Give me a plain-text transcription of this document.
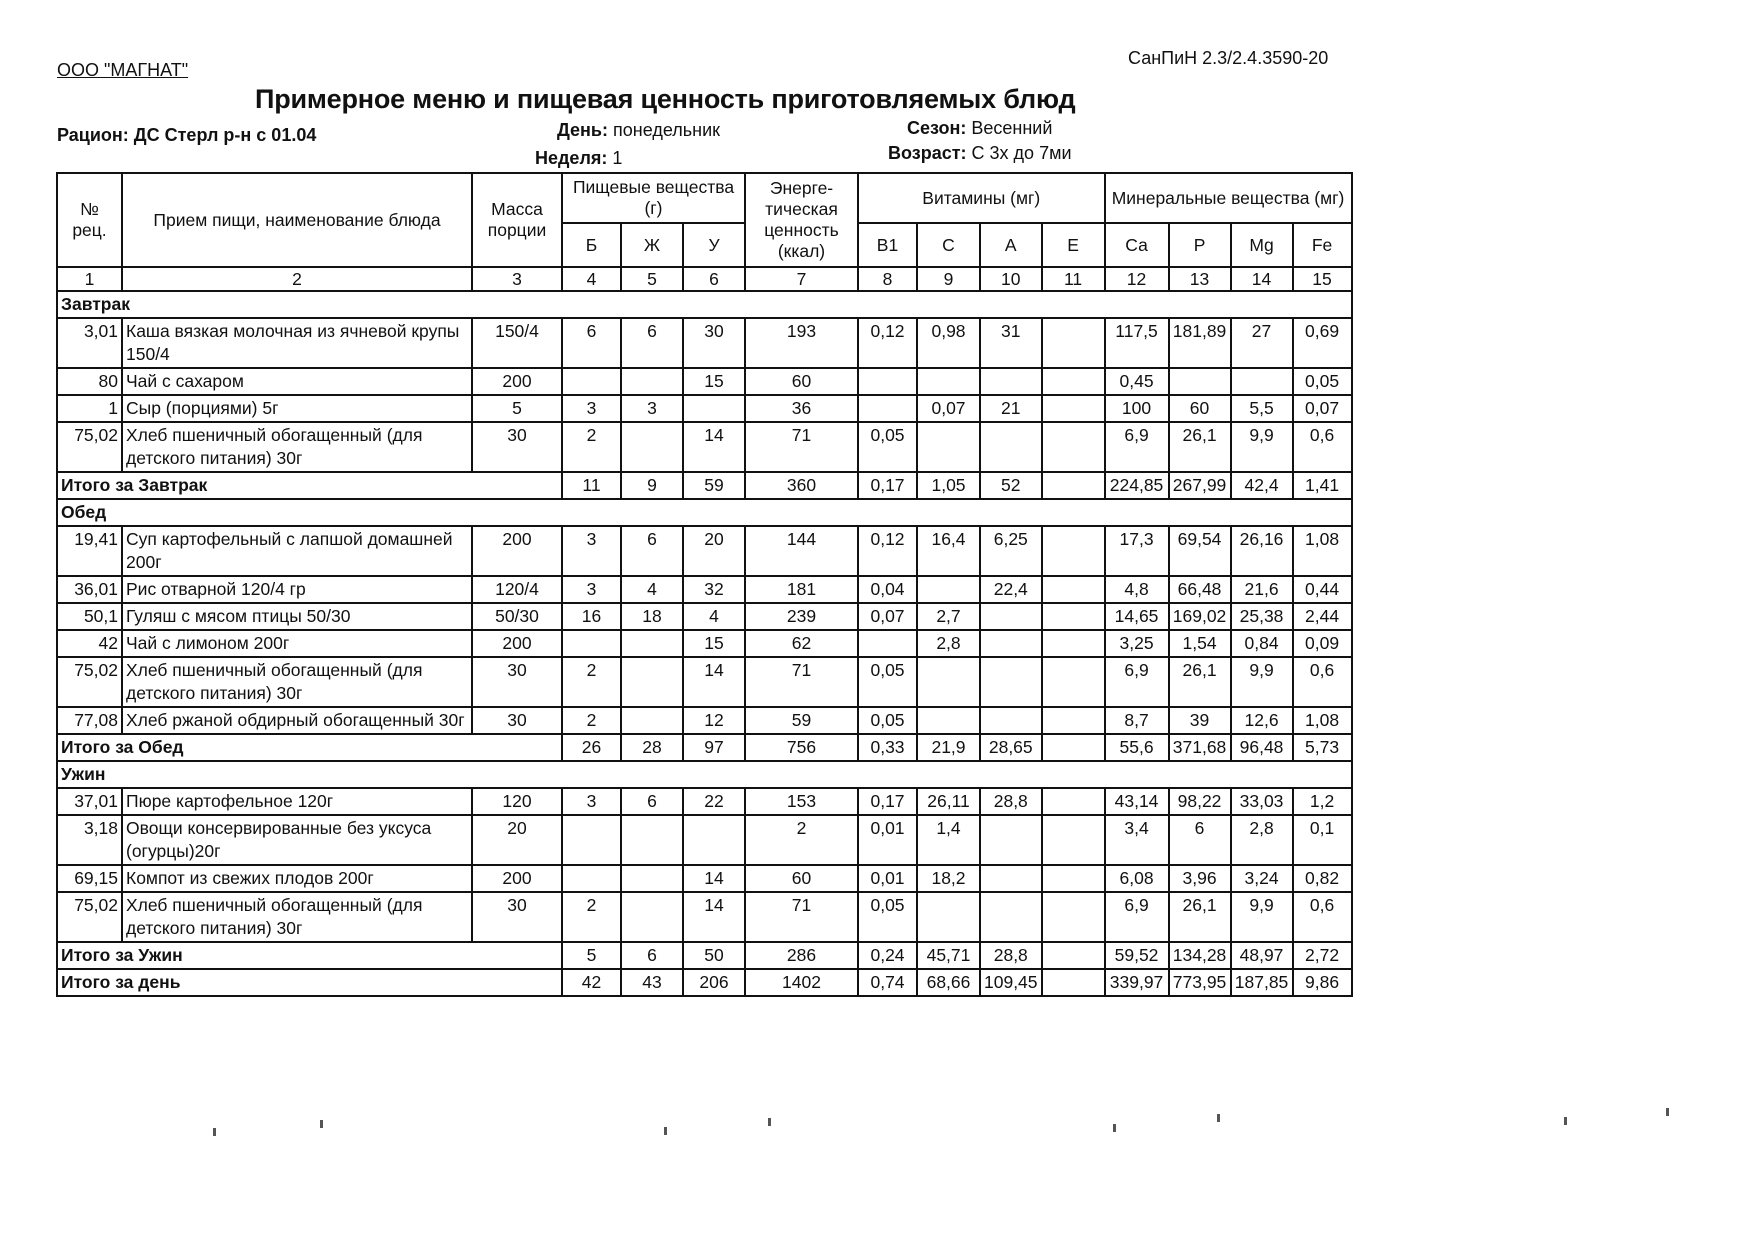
ООО "МАГНАТ"
СанПиН 2.3/2.4.3590-20
Примерное меню и пищевая ценность приготовляемых блюд
Рацион: ДС Стерл р-н с 01.04	День: понедельник
Неделя: 1
Сезон: Весенний
Возраст: С 3х до 7ми
№ рец.	Прием пищи, наименование блюда	Масса порции	Пищевые вещества (г)			Энерге-тическая ценность (ккал)	Витамины (мг)				Минеральные вещества (мг)			
			Б	Ж	У		В1	С	А	Е	Са	Р	Mg	Fe
1	2	3	4	5	6	7	8	9	10	11	12	13	14	15
Завтрак														
3,01	Каша вязкая молочная из ячневой крупы 150/4	150/4	6	6	30	193	0,12	0,98	31		117,5	181,89	27	0,69
80	Чай с сахаром	200			15	60					0,45			0,05
1	Сыр (порциями) 5г	5	3	3		36		0,07	21		100	60	5,5	0,07
75,02	Хлеб пшеничный обогащенный (для детского питания) 30г	30	2		14	71	0,05				6,9	26,1	9,9	0,6
Итого за Завтрак			11	9	59	360	0,17	1,05	52		224,85	267,99	42,4	1,41
Обед														
19,41	Суп картофельный с лапшой домашней 200г	200	3	6	20	144	0,12	16,4	6,25		17,3	69,54	26,16	1,08
36,01	Рис отварной 120/4 гр	120/4	3	4	32	181	0,04		22,4		4,8	66,48	21,6	0,44
50,1	Гуляш с мясом птицы 50/30	50/30	16	18	4	239	0,07	2,7			14,65	169,02	25,38	2,44
42	Чай с лимоном 200г	200			15	62		2,8			3,25	1,54	0,84	0,09
75,02	Хлеб пшеничный обогащенный (для детского питания) 30г	30	2		14	71	0,05				6,9	26,1	9,9	0,6
77,08	Хлеб ржаной обдирный обогащенный 30г	30	2		12	59	0,05				8,7	39	12,6	1,08
Итого за Обед			26	28	97	756	0,33	21,9	28,65		55,6	371,68	96,48	5,73
Ужин														
37,01	Пюре картофельное 120г	120	3	6	22	153	0,17	26,11	28,8		43,14	98,22	33,03	1,2
3,18	Овощи консервированные без уксуса (огурцы)20г	20				2	0,01	1,4			3,4	6	2,8	0,1
69,15	Компот из свежих плодов 200г	200			14	60	0,01	18,2			6,08	3,96	3,24	0,82
75,02	Хлеб пшеничный обогащенный (для детского питания) 30г	30	2		14	71	0,05				6,9	26,1	9,9	0,6
Итого за Ужин			5	6	50	286	0,24	45,71	28,8		59,52	134,28	48,97	2,72
Итого за день			42	43	206	1402	0,74	68,66	109,45		339,97	773,95	187,85	9,86
